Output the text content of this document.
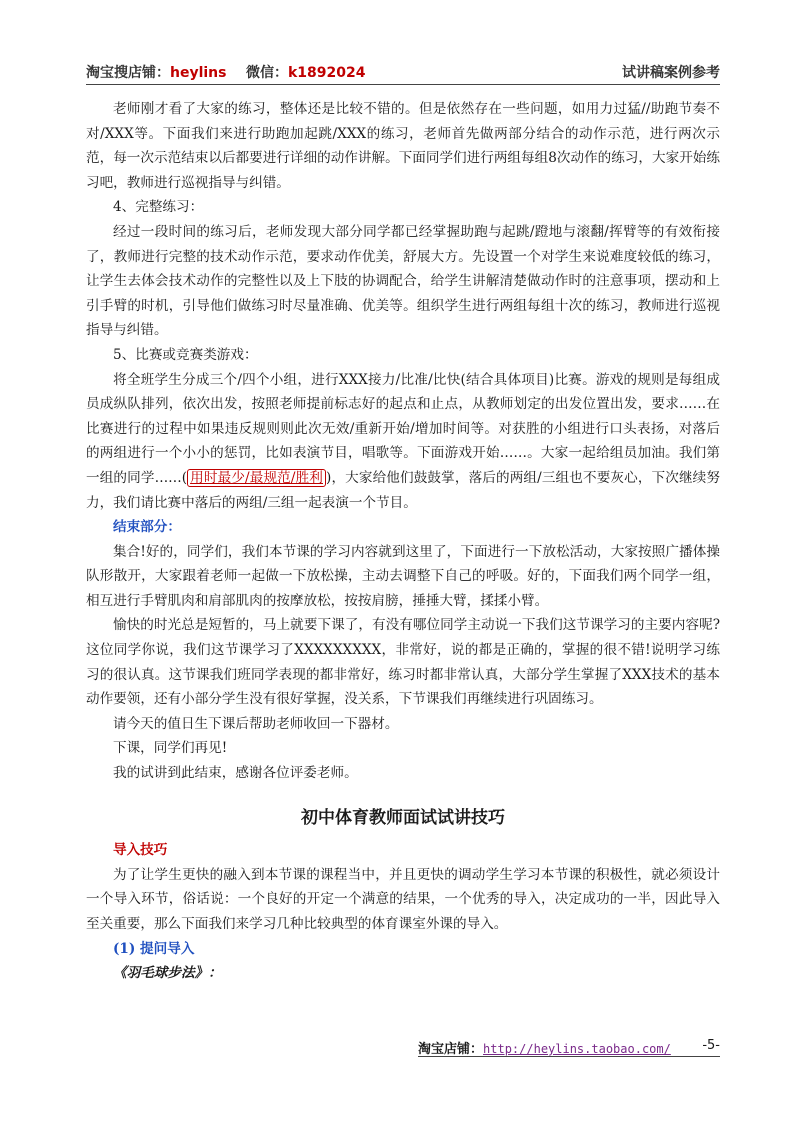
淘宝搜店铺：heylins 微信：k1892024	试讲稿案例参考

老师刚才看了大家的练习，整体还是比较不错的。但是依然存在一些问题，如用力过猛//助跑节奏不对/XXX等。下面我们来进行助跑加起跳/XXX的练习，老师首先做两部分结合的动作示范，进行两次示范，每一次示范结束以后都要进行详细的动作讲解。下面同学们进行两组每组8次动作的练习，大家开始练习吧，教师进行巡视指导与纠错。

4、完整练习：

经过一段时间的练习后，老师发现大部分同学都已经掌握助跑与起跳/蹬地与滚翻/挥臂等的有效衔接了，教师进行完整的技术动作示范，要求动作优美，舒展大方。先设置一个对学生来说难度较低的练习，让学生去体会技术动作的完整性以及上下肢的协调配合，给学生讲解清楚做动作时的注意事项，摆动和上引手臂的时机，引导他们做练习时尽量准确、优美等。组织学生进行两组每组十次的练习，教师进行巡视指导与纠错。

5、比赛或竞赛类游戏：

将全班学生分成三个/四个小组，进行XXX接力/比准/比快(结合具体项目)比赛。游戏的规则是每组成员成纵队排列，依次出发，按照老师提前标志好的起点和止点，从教师划定的出发位置出发，要求……在比赛进行的过程中如果违反规则则此次无效/重新开始/增加时间等。对获胜的小组进行口头表扬，对落后的两组进行一个小小的惩罚，比如表演节目，唱歌等。下面游戏开始……。大家一起给组员加油。我们第一组的同学……( 用时最少/最规范/胜利 )，大家给他们鼓鼓掌，落后的两组/三组也不要灰心，下次继续努力，我们请比赛中落后的两组/三组一起表演一个节目。

结束部分：

集合!好的，同学们，我们本节课的学习内容就到这里了，下面进行一下放松活动，大家按照广播体操队形散开，大家跟着老师一起做一下放松操，主动去调整下自己的呼吸。好的，下面我们两个同学一组，相互进行手臂肌肉和肩部肌肉的按摩放松，按按肩膀，捶捶大臂，揉揉小臂。

愉快的时光总是短暂的，马上就要下课了，有没有哪位同学主动说一下我们这节课学习的主要内容呢?这位同学你说，我们这节课学习了XXXXXXXXX，非常好，说的都是正确的，掌握的很不错!说明学习练习的很认真。这节课我们班同学表现的都非常好，练习时都非常认真，大部分学生掌握了XXX技术的基本动作要领，还有小部分学生没有很好掌握，没关系，下节课我们再继续进行巩固练习。

请今天的值日生下课后帮助老师收回一下器材。

下课，同学们再见!

我的试讲到此结束，感谢各位评委老师。

初中体育教师面试试讲技巧

导入技巧

为了让学生更快的融入到本节课的课程当中，并且更快的调动学生学习本节课的积极性，就必须设计一个导入环节，俗话说：一个良好的开定一个满意的结果，一个优秀的导入，决定成功的一半，因此导入至关重要，那么下面我们来学习几种比较典型的体育课室外课的导入。

(1) 提问导入

《羽毛球步法》：

淘宝店铺：http://heylins.taobao.com/ -5-
